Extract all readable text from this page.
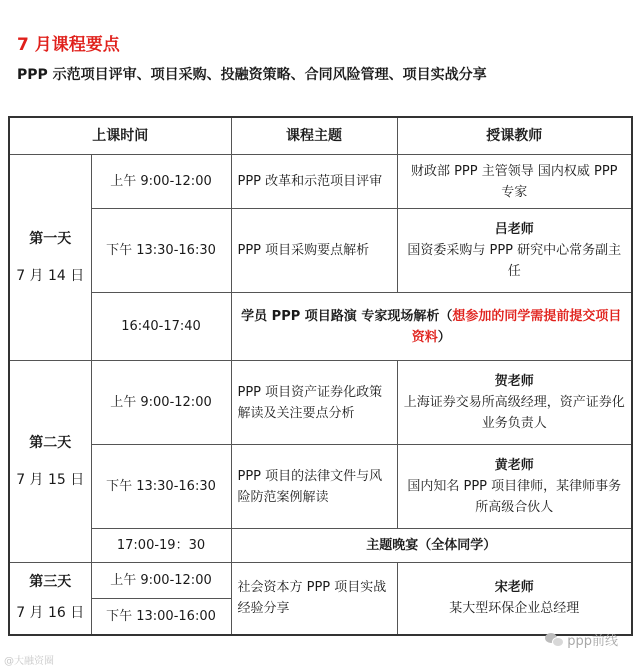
7 月课程要点
PPP 示范项目评审、项目采购、投融资策略、合同风险管理、项目实战分享
上课时间		课程主题	授课教师
第一天
7 月 14 日	上午 9:00-12:00	PPP 改革和示范项目评审	财政部 PPP 主管领导 国内权威 PPP 专家
	下午 13:30-16:30	PPP 项目采购要点解析	吕老师
国资委采购与 PPP 研究中心常务副主任
	16:40-17:40	学员 PPP 项目路演 专家现场解析（想参加的同学需提前提交项目资料）	
第二天
7 月 15 日	上午 9:00-12:00	PPP 项目资产证券化政策解读及关注要点分析	贺老师
上海证券交易所高级经理，资产证券化业务负责人
	下午 13:30-16:30	PPP 项目的法律文件与风险防范案例解读	黄老师
国内知名 PPP 项目律师，某律师事务所高级合伙人
	17:00-19：30	主题晚宴（全体同学）	
第三天
7 月 16 日	上午 9:00-12:00	社会资本方 PPP 项目实战经验分享	宋老师
某大型环保企业总经理
	下午 13:00-16:00		
@大融资圈
ppp前线
